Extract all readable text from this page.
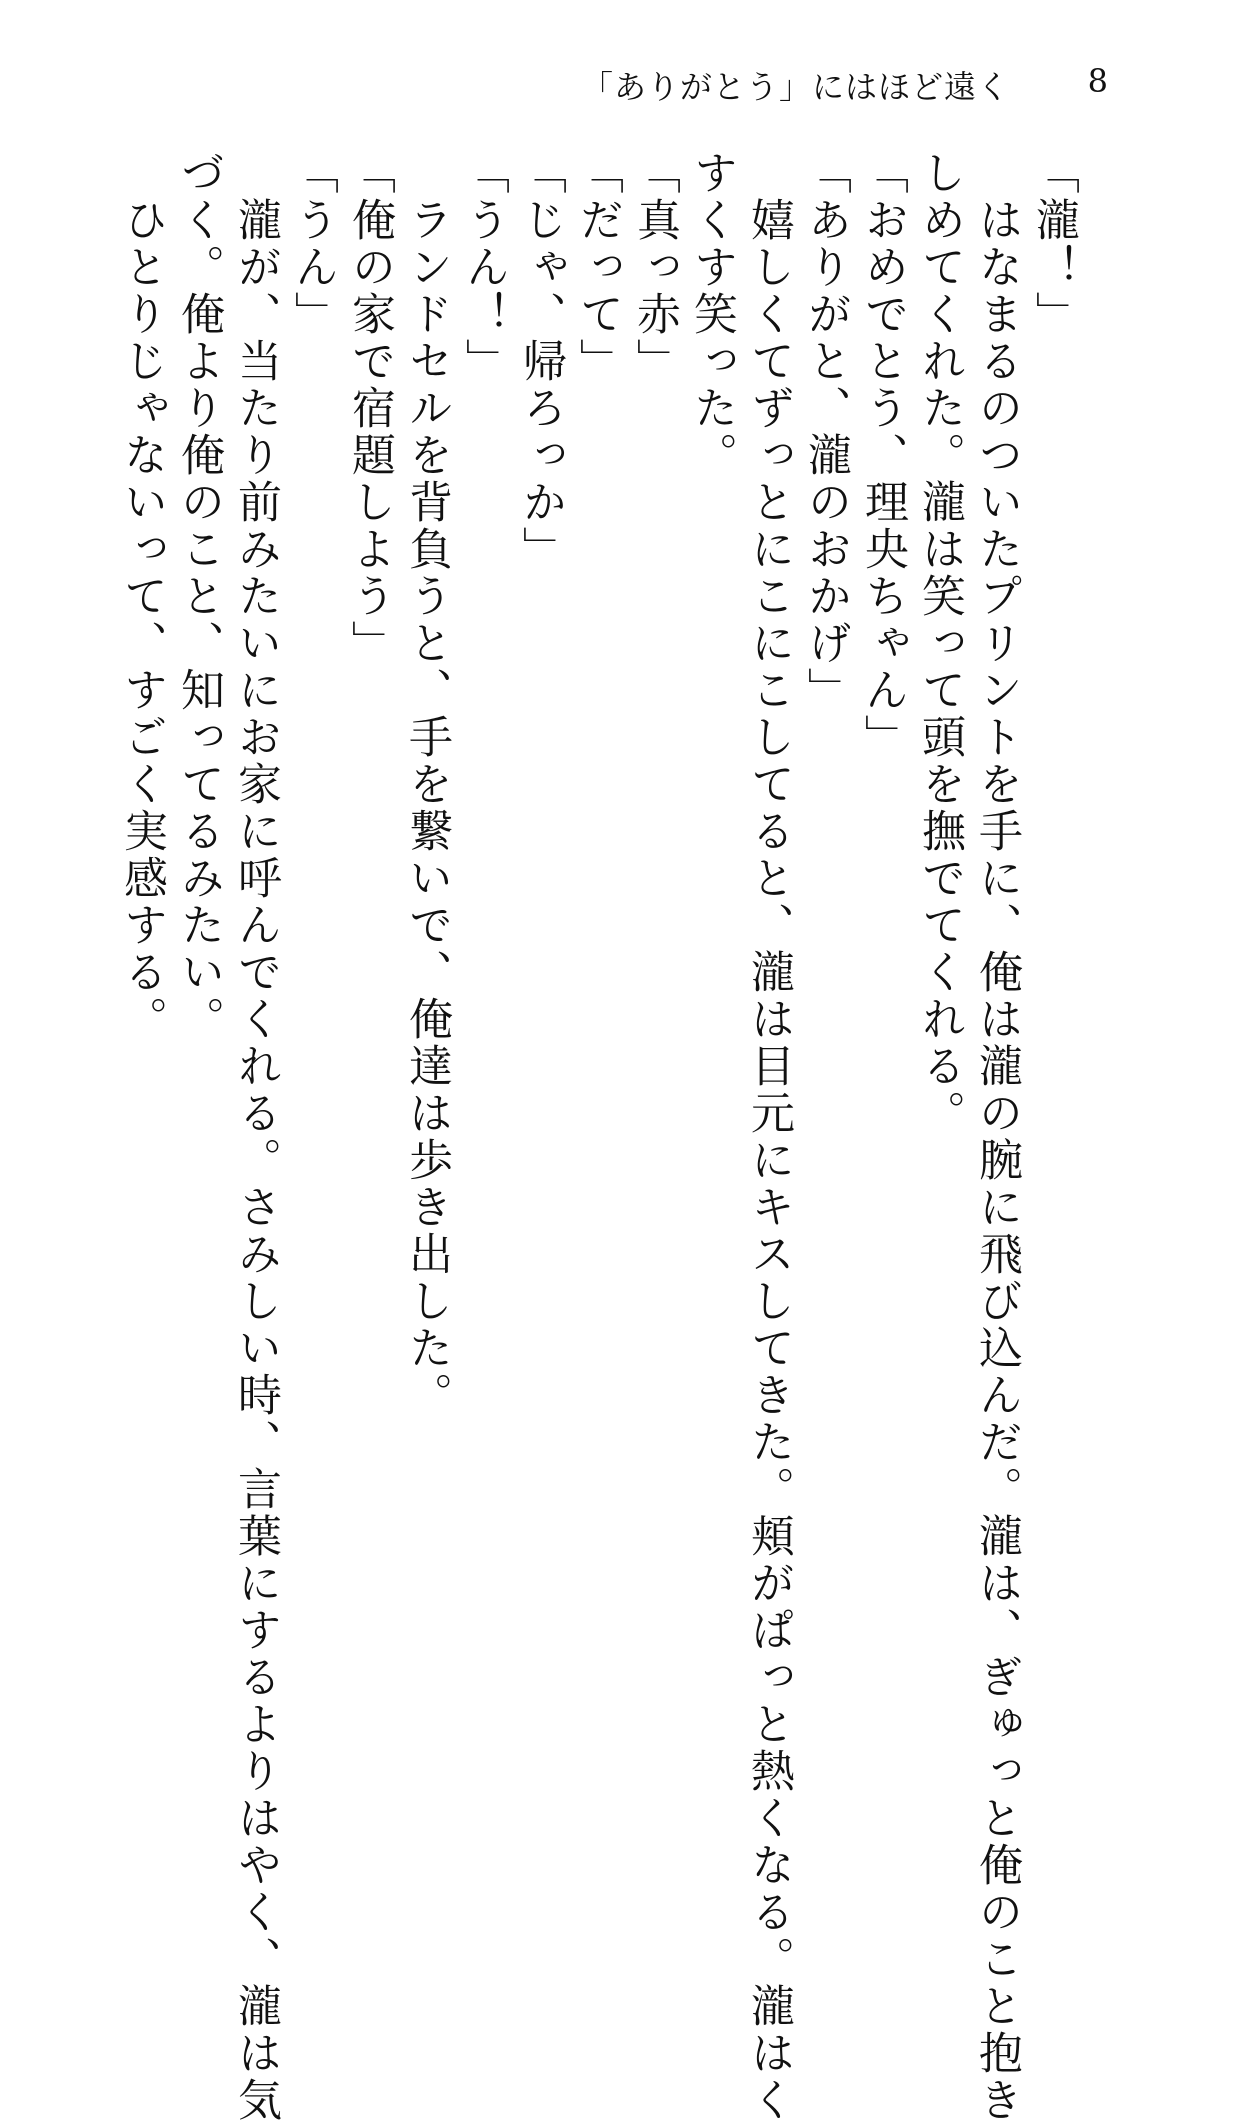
「ありがとう」にはほど遠く 8
「瀧！」
　はなまるのついたプリントを手に、俺は瀧の腕に飛び込んだ。瀧は、ぎゅっと俺のこと抱き
しめてくれた。瀧は笑って頭を撫でてくれる。
「おめでとう、理央ちゃん」
「ありがと、瀧のおかげ」
　嬉しくてずっとにこにこしてると、瀧は目元にキスしてきた。頬がぱっと熱くなる。瀧はく
すくす笑った。
「真っ赤」
「だって」
「じゃ、帰ろっか」
「うん！」
　ランドセルを背負うと、手を繋いで、俺達は歩き出した。
「俺の家で宿題しよう」
「うん」
　瀧が、当たり前みたいにお家に呼んでくれる。さみしい時、言葉にするよりはやく、瀧は気
づく。俺より俺のこと、知ってるみたい。
　ひとりじゃないって、すごく実感する。
